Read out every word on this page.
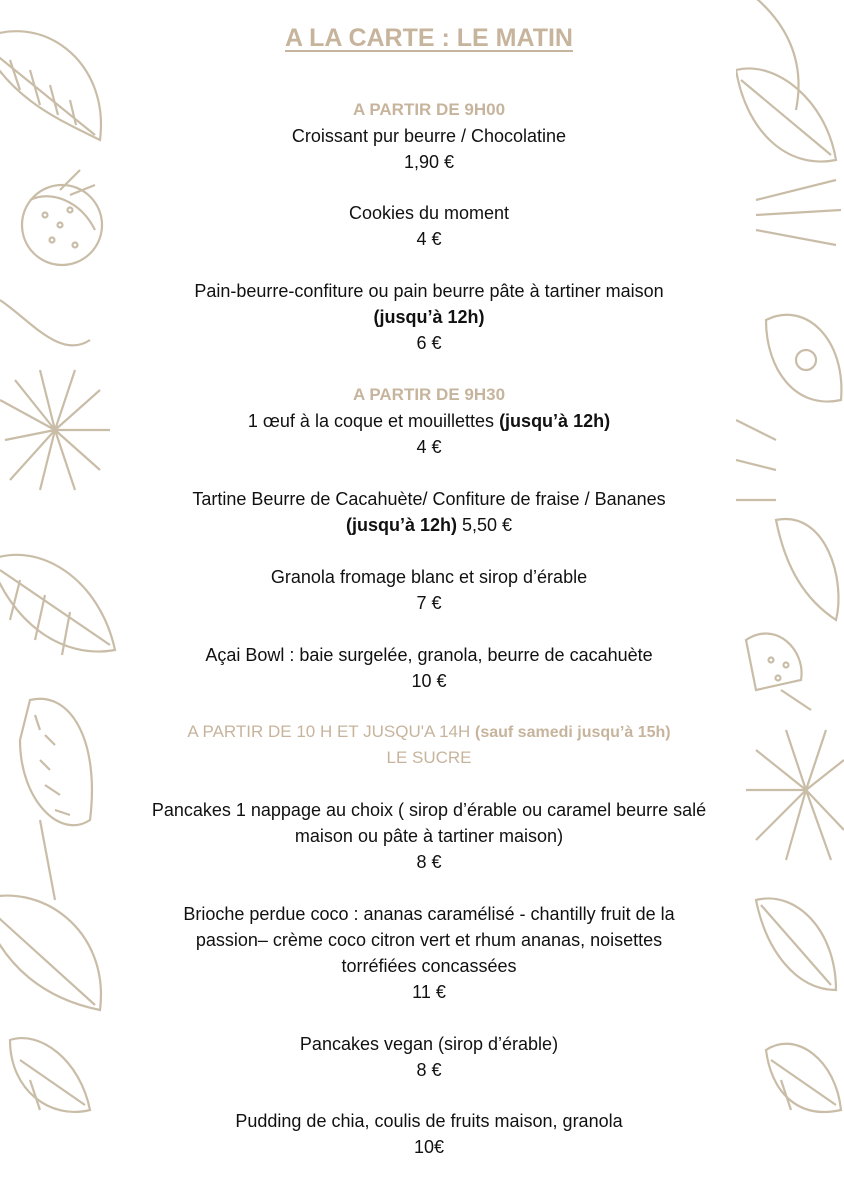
A LA CARTE : LE MATIN
A PARTIR DE 9H00
Croissant pur beurre / Chocolatine
1,90 €
Cookies du moment
4 €
Pain-beurre-confiture ou pain beurre pâte à tartiner maison
(jusqu’à 12h)
6 €
A PARTIR DE 9H30
1 œuf à la coque et mouillettes (jusqu’à 12h)
4 €
Tartine Beurre de Cacahuète/ Confiture de fraise / Bananes
(jusqu’à 12h) 5,50 €
Granola fromage blanc et sirop d’érable
7 €
Açai Bowl : baie surgelée, granola, beurre de cacahuète
10 €
A PARTIR DE 10 H ET JUSQU'A 14H (sauf samedi jusqu’à 15h)
LE SUCRE
Pancakes 1 nappage au choix ( sirop d’érable ou caramel beurre salé
maison ou pâte à tartiner maison)
8 €
Brioche perdue coco : ananas caramélisé - chantilly fruit de la
passion– crème coco citron vert et rhum ananas, noisettes
torréfiées concassées
11 €
Pancakes vegan (sirop d’érable)
8 €
Pudding de chia, coulis de fruits maison, granola
10€
